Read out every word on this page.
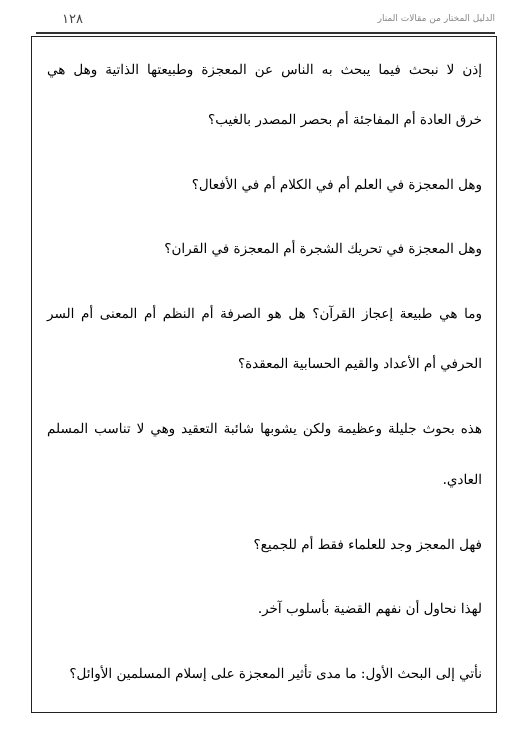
١٢٨	الدليل المختار من مقالات المنار
إذن لا نبحث فيما يبحث به الناس عن المعجزة وطبيعتها الذاتية وهل هي
خرق العادة أم المفاجئة أم بحصر المصدر بالغيب؟
وهل المعجزة في العلم أم في الكلام أم في الأفعال؟
وهل المعجزة في تحريك الشجرة أم المعجزة في القران؟
وما هي طبيعة إعجاز القرآن؟ هل هو الصرفة أم النظم أم المعنى أم السر
الحرفي أم الأعداد والقيم الحسابية المعقدة؟
هذه بحوث جليلة وعظيمة ولكن يشوبها شائبة التعقيد وهي لا تناسب المسلم
العادي.
فهل المعجز وجد للعلماء فقط أم للجميع؟
لهذا نحاول أن نفهم القضية بأسلوب آخر.
نأتي إلى البحث الأول: ما مدى تأثير المعجزة على إسلام المسلمين الأوائل؟
